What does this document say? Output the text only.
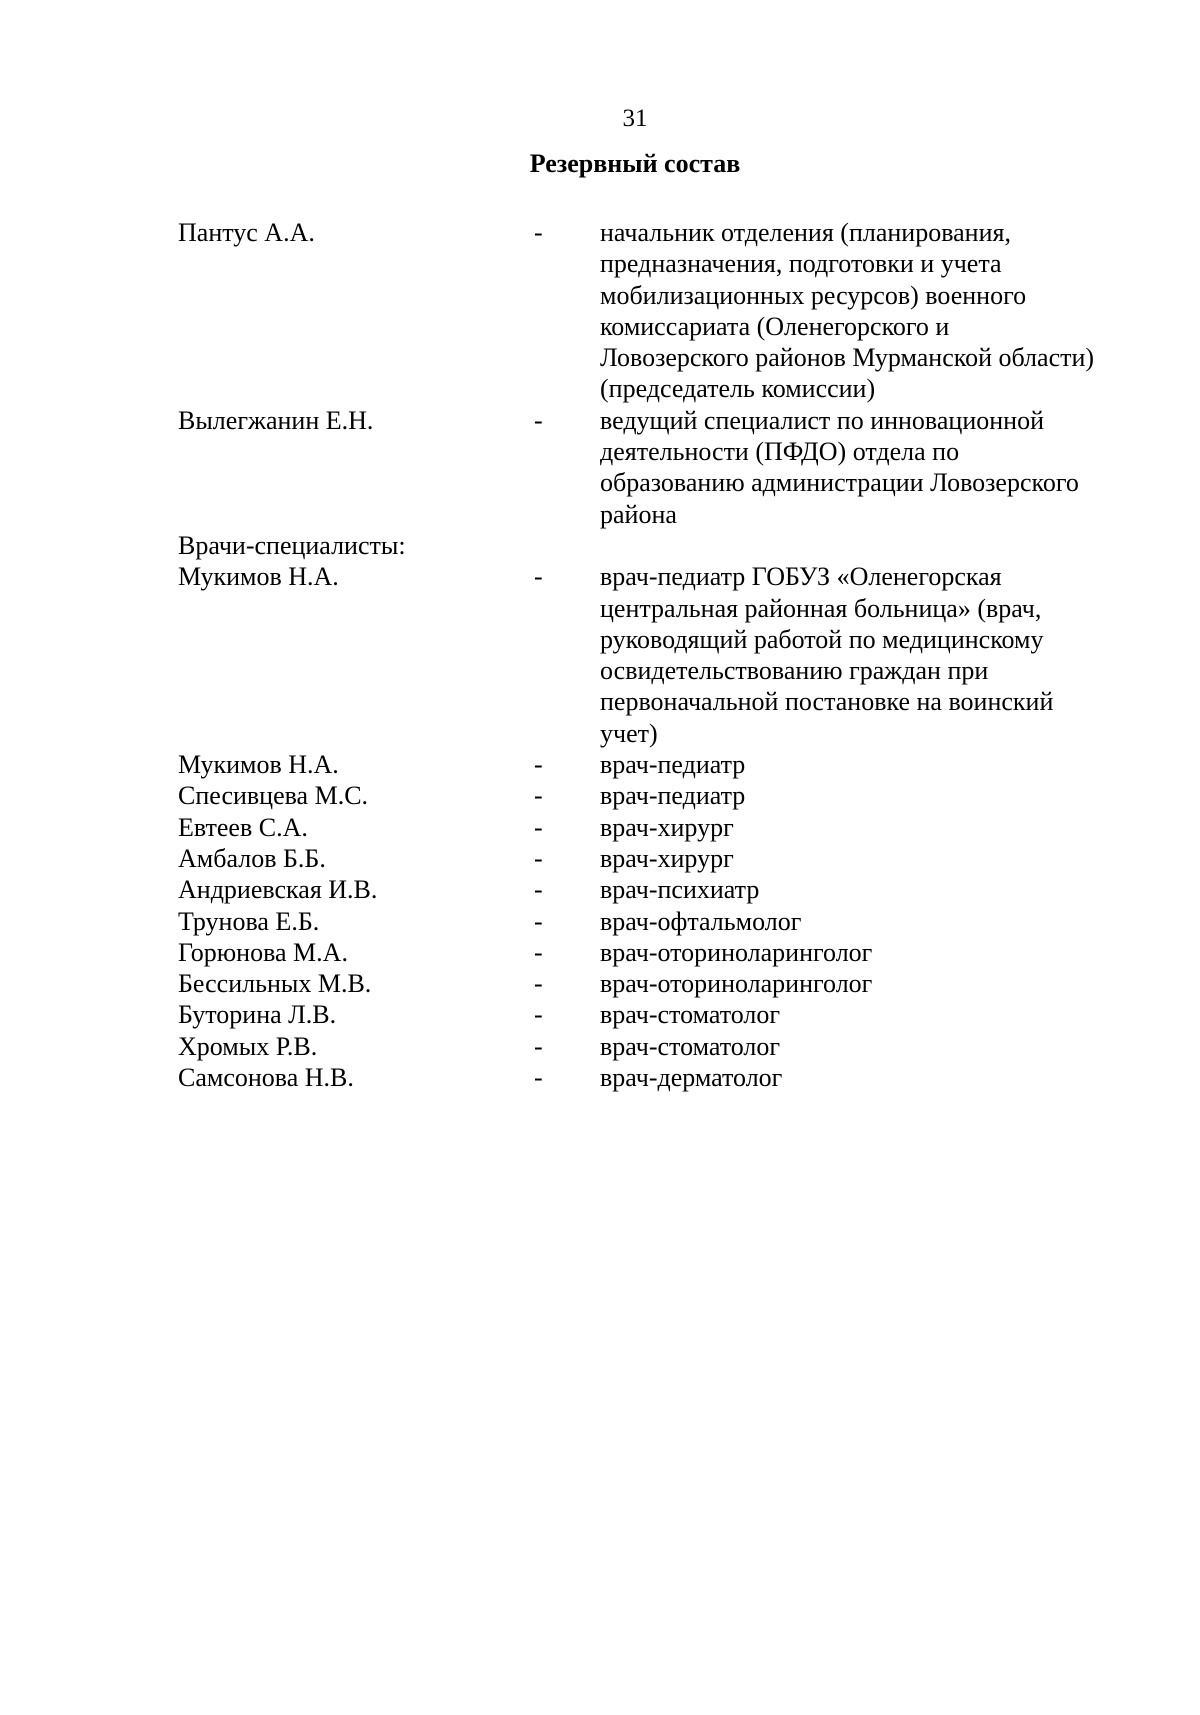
31
Резервный состав
Пантус А.А.	-	начальник отделения (планирования, предназначения, подготовки и учета мобилизационных ресурсов) военного комиссариата (Оленегорского и Ловозерского районов Мурманской области) (председатель комиссии)
Вылегжанин Е.Н.	-	ведущий специалист по инновационной деятельности (ПФДО) отдела по образованию администрации Ловозерского района
Врачи-специалисты:
Мукимов Н.А.	-	врач-педиатр ГОБУЗ «Оленегорская центральная районная больница» (врач, руководящий работой по медицинскому освидетельствованию граждан при первоначальной постановке на воинский учет)
Мукимов Н.А.	-	врач-педиатр
Спесивцева М.С.	-	врач-педиатр
Евтеев С.А.	-	врач-хирург
Амбалов Б.Б.	-	врач-хирург
Андриевская И.В.	-	врач-психиатр
Трунова Е.Б.	-	врач-офтальмолог
Горюнова М.А.	-	врач-оториноларинголог
Бессильных М.В.	-	врач-оториноларинголог
Буторина Л.В.	-	врач-стоматолог
Хромых Р.В.	-	врач-стоматолог
Самсонова Н.В.	-	врач-дерматолог
